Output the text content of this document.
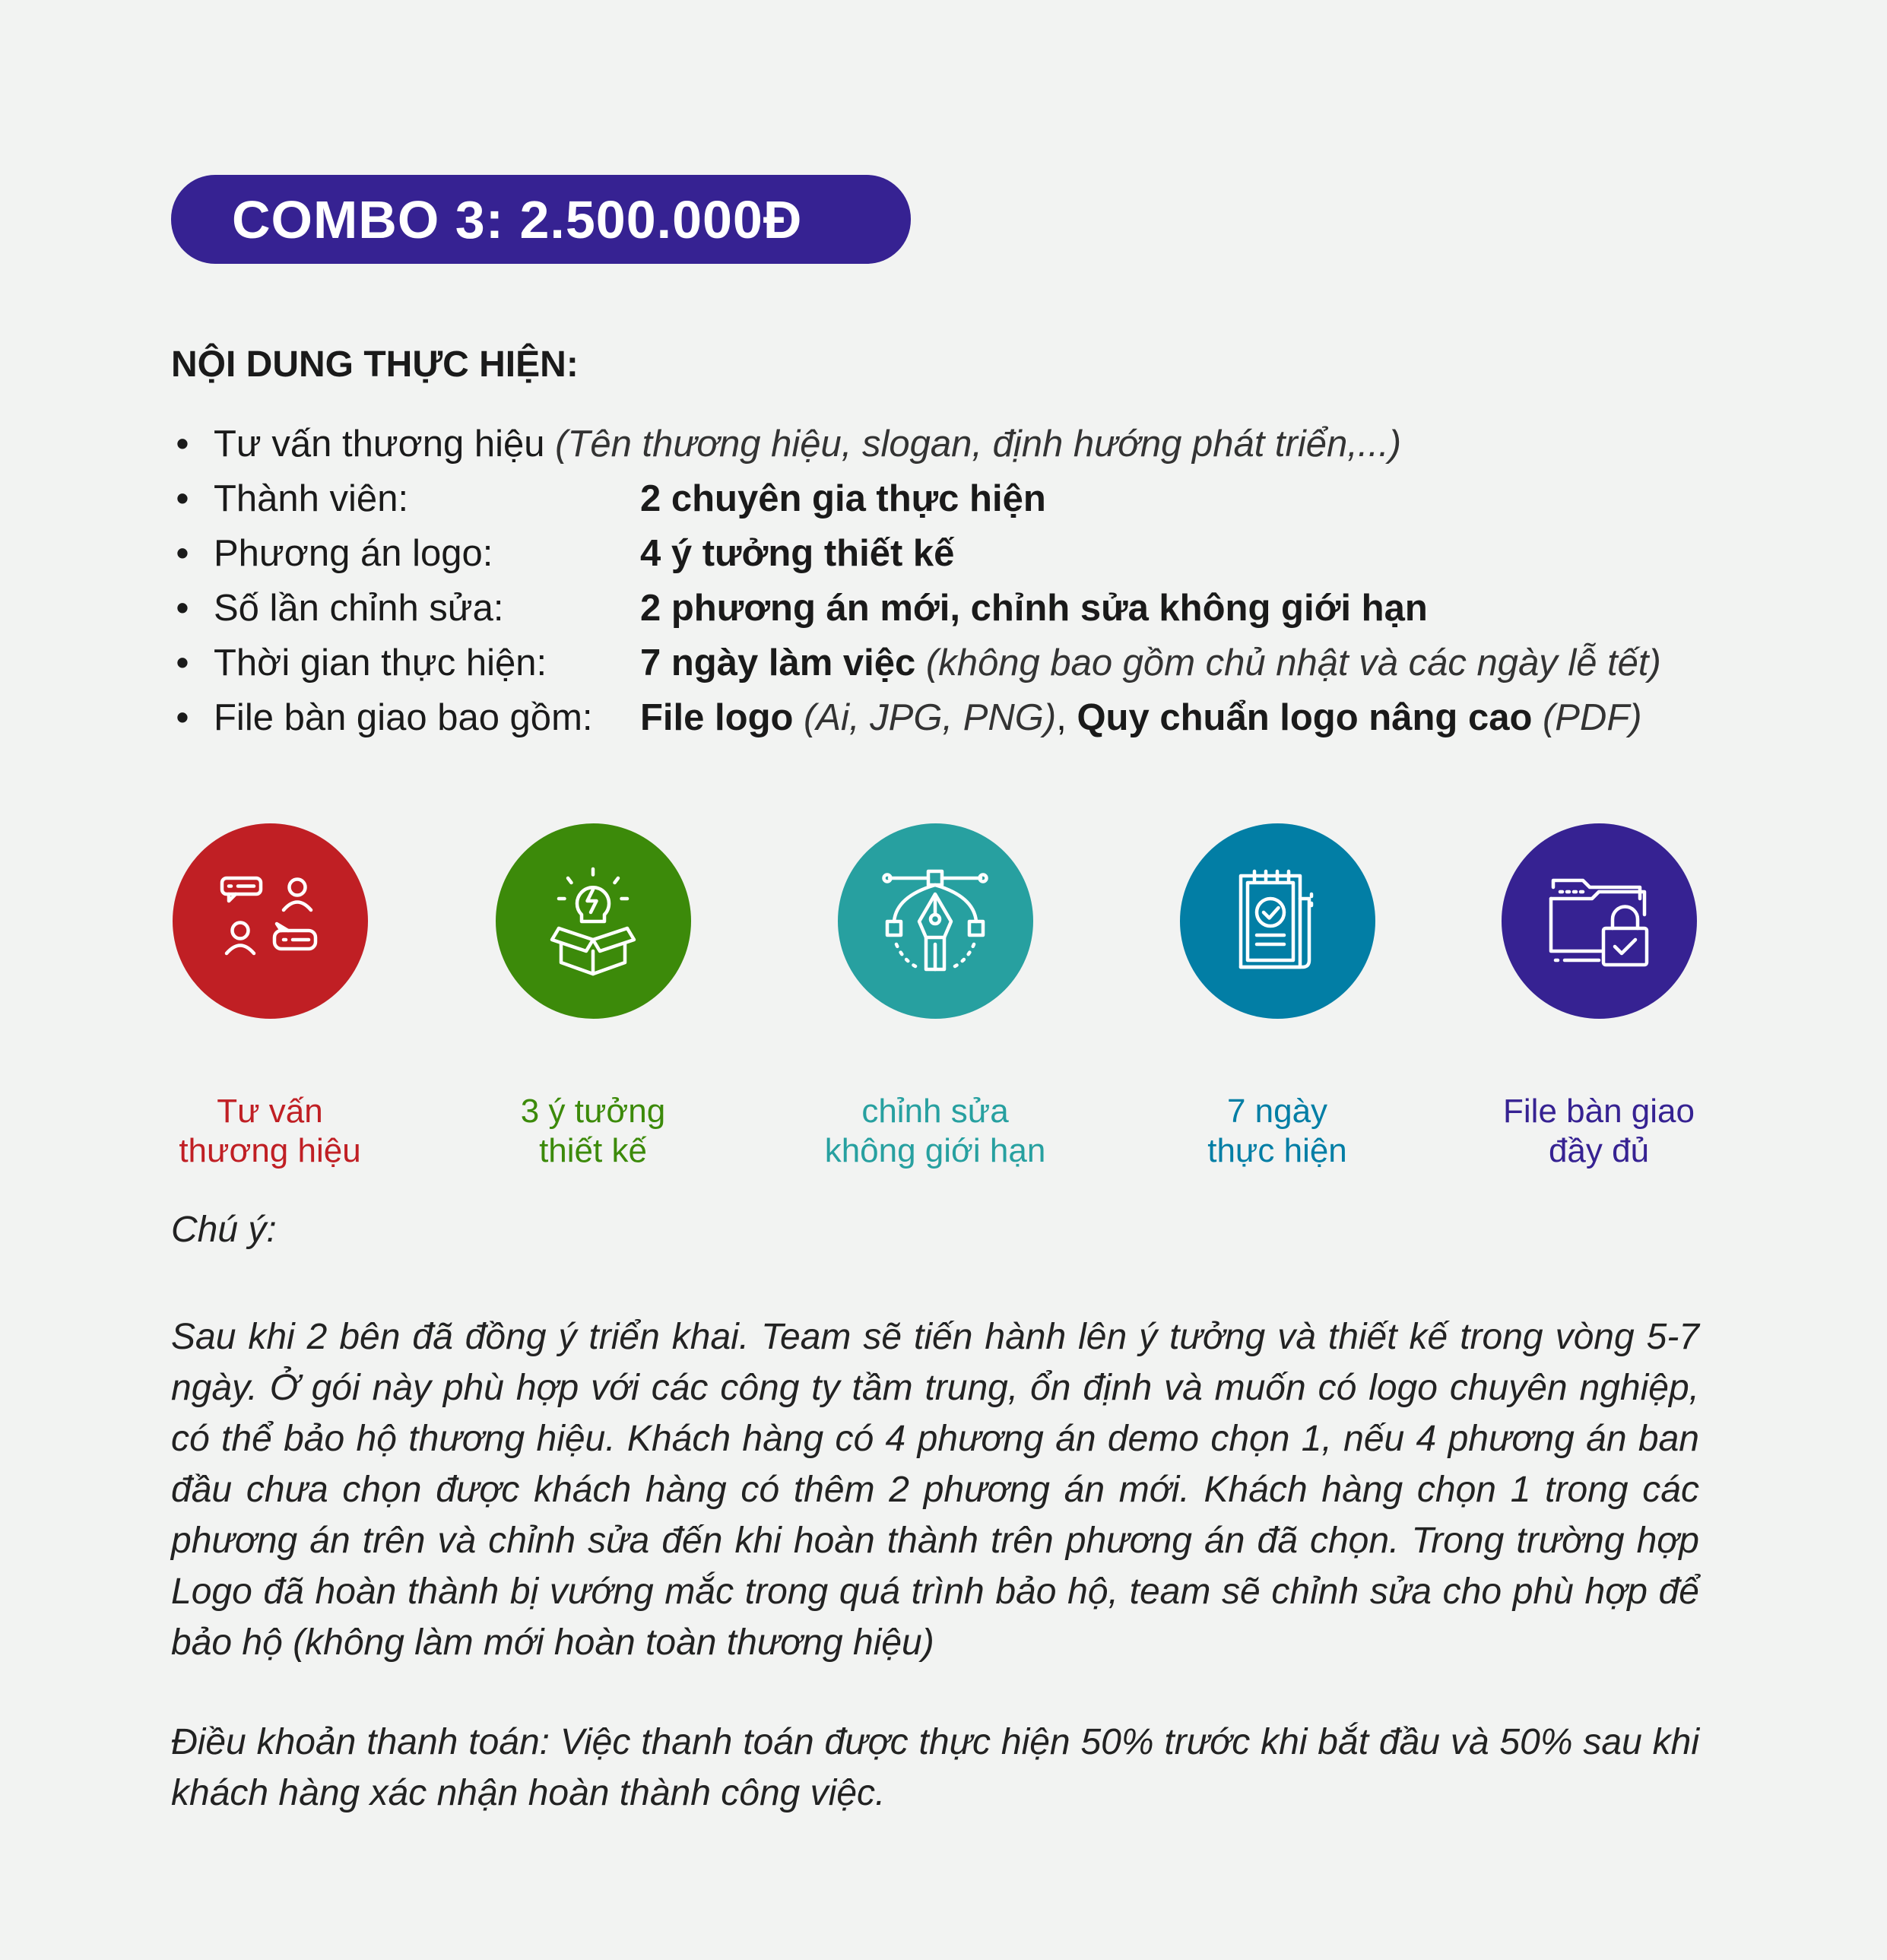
COMBO 3: 2.500.000Đ
NỘI DUNG THỰC HIỆN:
• Tư vấn thương hiệu (Tên thương hiệu, slogan, định hướng phát triển,...)
• Thành viên:	2 chuyên gia thực hiện
• Phương án logo:	4 ý tưởng thiết kế
• Số lần chỉnh sửa:	2 phương án mới, chỉnh sửa không giới hạn
• Thời gian thực hiện:	7 ngày làm việc (không bao gồm chủ nhật và các ngày lễ tết)
• File bàn giao bao gồm: File logo (Ai, JPG, PNG), Quy chuẩn logo nâng cao (PDF)
Tư vấn
thương hiệu
3 ý tưởng
thiết kế
chỉnh sửa
không giới hạn
7 ngày
thực hiện
File bàn giao
đầy đủ
Chú ý:

Sau khi 2 bên đã đồng ý triển khai. Team sẽ tiến hành lên ý tưởng và thiết kế trong vòng 5-7 ngày. Ở gói này phù hợp với các công ty tầm trung, ổn định và muốn có logo chuyên nghiệp, có thể bảo hộ thương hiệu. Khách hàng có 4 phương án demo chọn 1, nếu 4 phương án ban đầu chưa chọn được khách hàng có thêm 2 phương án mới. Khách hàng chọn 1 trong các phương án trên và chỉnh sửa đến khi hoàn thành trên phương án đã chọn. Trong trường hợp Logo đã hoàn thành bị vướng mắc trong quá trình bảo hộ, team sẽ chỉnh sửa cho phù hợp để bảo hộ (không làm mới hoàn toàn thương hiệu)

Điều khoản thanh toán: Việc thanh toán được thực hiện 50% trước khi bắt đầu và 50% sau khi khách hàng xác nhận hoàn thành công việc.
